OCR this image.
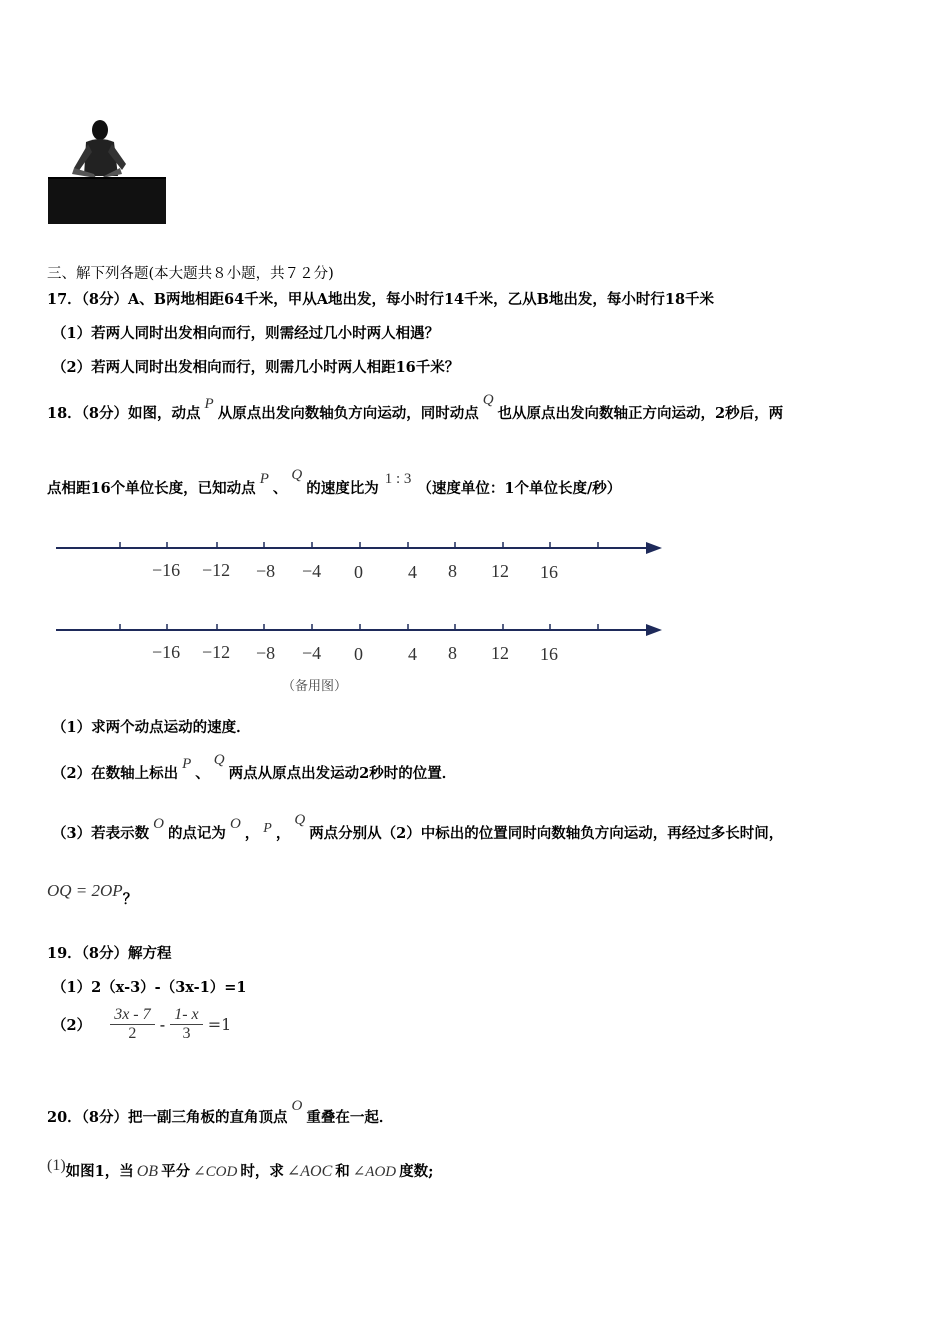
三、解下列各题(本大题共８小题，共７２分)
17．（8分）A、B两地相距64千米，甲从A地出发，每小时行14千米，乙从B地出发，每小时行18千米
（1）若两人同时出发相向而行，则需经过几小时两人相遇？
（2）若两人同时出发相向而行，则需几小时两人相距16千米？
18．（8分）如图，动点P从原点出发向数轴负方向运动，同时动点Q也从原点出发向数轴正方向运动，2秒后，两
点相距16个单位长度，已知动点P、Q的速度比为1 : 3（速度单位：1个单位长度/秒）
−16 −12 −8 −4 0	4 8 12 16
−16 −12 −8 −4 0	4 8 12 16
（备用图）
（1）求两个动点运动的速度．
（2）在数轴上标出P、Q两点从原点出发运动2秒时的位置．
（3）若表示数O的点记为O， P ，Q两点分别从（2）中标出的位置同时向数轴负方向运动，再经过多长时间，
OQ = 2OP？
19．（8分）解方程
（1）2（x-3）-（3x-1）=1
$(2) \frac{3x - 7}{2} - \frac{1- x}{3} =1$
20．（8分）把一副三角板的直角顶点O重叠在一起．
(1)如图1，当 OB 平分 ∠COD 时，求 ∠AOC 和 ∠AOD 度数;
